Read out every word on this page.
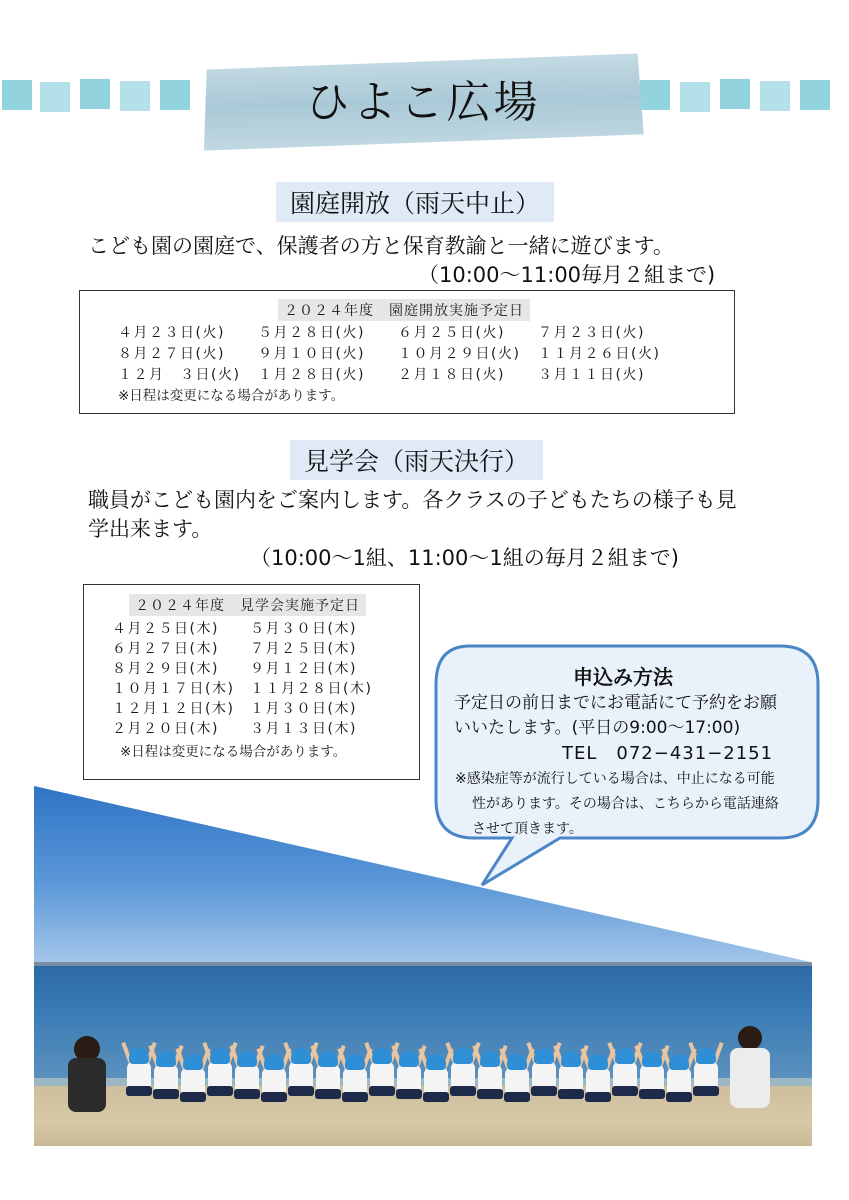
ひよこ広場
園庭開放（雨天中止）
こども園の園庭で、保護者の方と保育教諭と一緒に遊びます。
（10:00～11:00毎月２組まで)
２０２４年度　園庭開放実施予定日
４月２３日(火) ５月２８日(火) ６月２５日(火) ７月２３日(火)
８月２７日(火) ９月１０日(火) １０月２９日(火) １１月２６日(火)
１２月　３日(火) １月２８日(火) ２月１８日(火) ３月１１日(火)
※日程は変更になる場合があります。
見学会（雨天決行）
職員がこども園内をご案内します。各クラスの子どもたちの様子も見
学出来ます。
（10:00～1組、11:00～1組の毎月２組まで)
２０２４年度　見学会実施予定日
４月２５日(木) ５月３０日(木)
６月２７日(木) ７月２５日(木)
８月２９日(木) ９月１２日(木)
１０月１７日(木) １１月２８日(木)
１２月１２日(木) １月３０日(木)
２月２０日(木) ３月１３日(木)
※日程は変更になる場合があります。
申込み方法
予定日の前日までにお電話にて予約をお願
いいたします。(平日の9:00～17:00)
TEL　072−431−2151
※感染症等が流行している場合は、中止になる可能
性があります。その場合は、こちらから電話連絡
させて頂きます。
